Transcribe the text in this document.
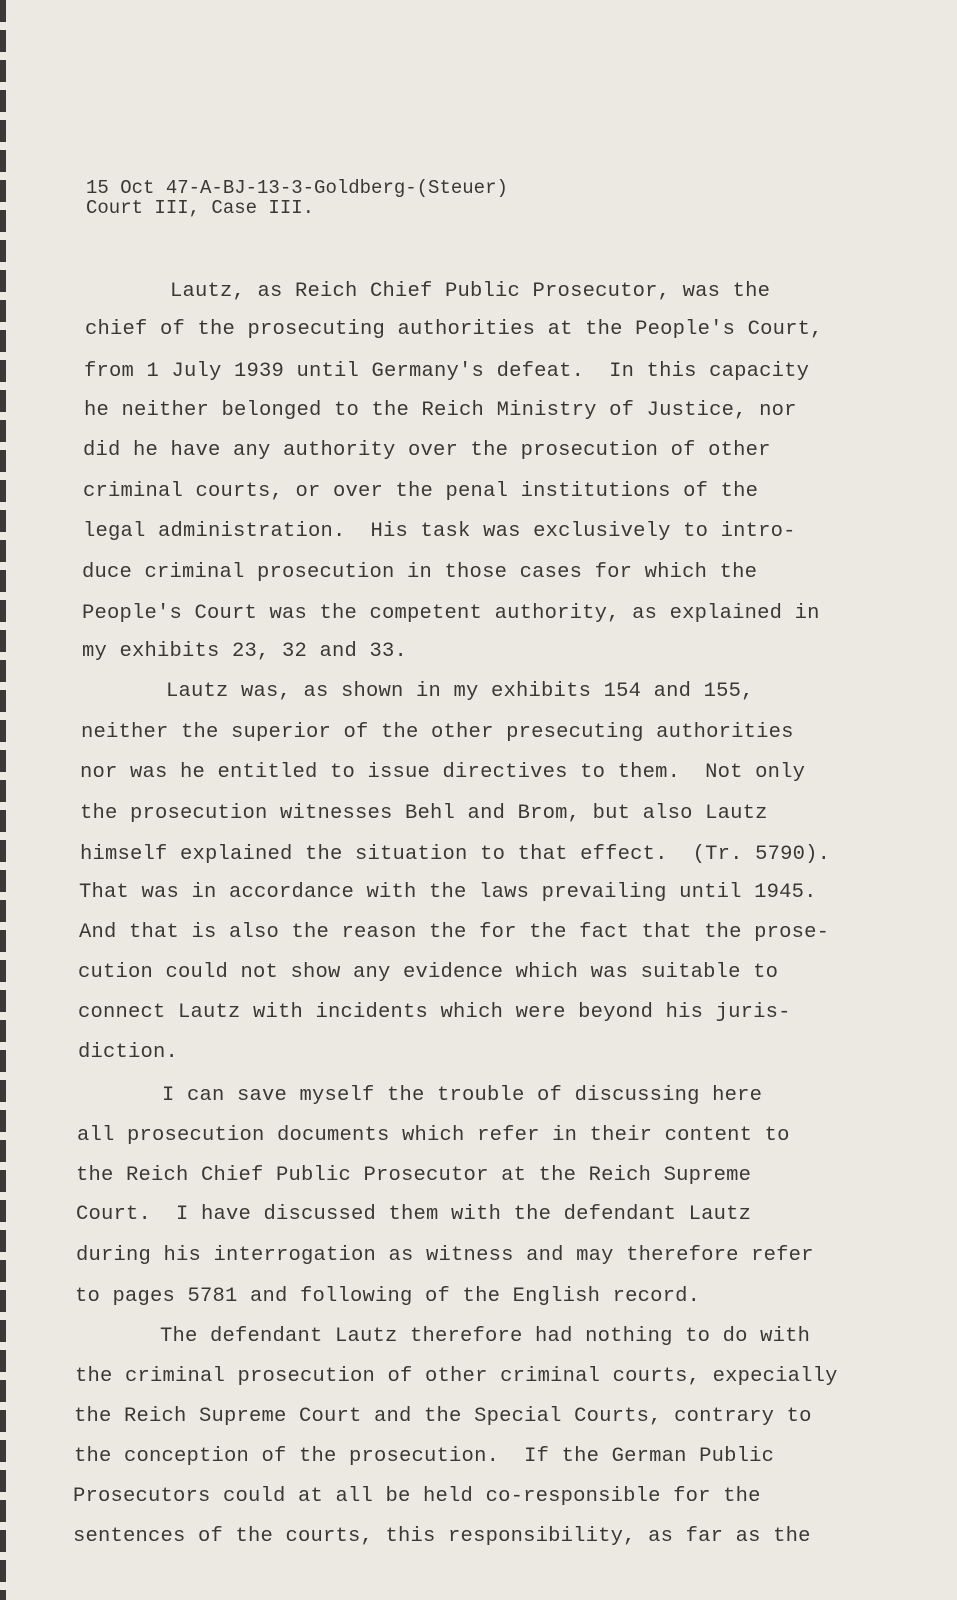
15 Oct 47-A-BJ-13-3-Goldberg-(Steuer)
Court III, Case III.
Lautz, as Reich Chief Public Prosecutor, was the
chief of the prosecuting authorities at the People's Court,
from 1 July 1939 until Germany's defeat.  In this capacity
he neither belonged to the Reich Ministry of Justice, nor
did he have any authority over the prosecution of other
criminal courts, or over the penal institutions of the
legal administration.  His task was exclusively to intro-
duce criminal prosecution in those cases for which the
People's Court was the competent authority, as explained in
my exhibits 23, 32 and 33.
Lautz was, as shown in my exhibits 154 and 155,
neither the superior of the other presecuting authorities
nor was he entitled to issue directives to them.  Not only
the prosecution witnesses Behl and Brom, but also Lautz
himself explained the situation to that effect.  (Tr. 5790).
That was in accordance with the laws prevailing until 1945.
And that is also the reason the for the fact that the prose-
cution could not show any evidence which was suitable to
connect Lautz with incidents which were beyond his juris-
diction.
I can save myself the trouble of discussing here
all prosecution documents which refer in their content to
the Reich Chief Public Prosecutor at the Reich Supreme
Court.  I have discussed them with the defendant Lautz
during his interrogation as witness and may therefore refer
to pages 5781 and following of the English record.
The defendant Lautz therefore had nothing to do with
the criminal prosecution of other criminal courts, expecially
the Reich Supreme Court and the Special Courts, contrary to
the conception of the prosecution.  If the German Public
Prosecutors could at all be held co-responsible for the
sentences of the courts, this responsibility, as far as the
